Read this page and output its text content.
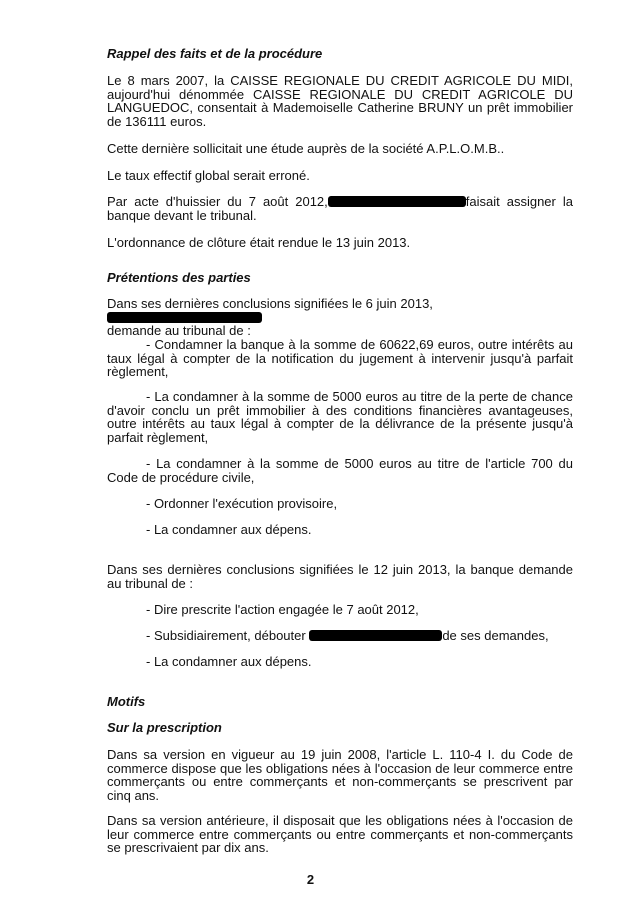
Rappel des faits et de la procédure

Le 8 mars 2007, la CAISSE REGIONALE DU CREDIT AGRICOLE DU MIDI, aujourd'hui dénommée CAISSE REGIONALE DU CREDIT AGRICOLE DU LANGUEDOC, consentait à Mademoiselle Catherine BRUNY un prêt immobilier de 136111 euros.

Cette dernière sollicitait une étude auprès de la société A.P.L.O.M.B..

Le taux effectif global serait erroné.

Par acte d'huissier du 7 août 2012,	faisait assigner la banque devant le tribunal.

L'ordonnance de clôture était rendue le 13 juin 2013.

Prétentions des parties

Dans ses dernières conclusions signifiées le 6 juin 2013,
demande au tribunal de :

- Condamner la banque à la somme de 60622,69 euros, outre intérêts au taux légal à compter de la notification du jugement à intervenir jusqu'à parfait règlement,

- La condamner à la somme de 5000 euros au titre de la perte de chance d'avoir conclu un prêt immobilier à des conditions financières avantageuses, outre intérêts au taux légal à compter de la délivrance de la présente jusqu'à parfait règlement,

- La condamner à la somme de 5000 euros au titre de l'article 700 du Code de procédure civile,

- Ordonner l'exécution provisoire,

- La condamner aux dépens.

Dans ses dernières conclusions signifiées le 12 juin 2013, la banque demande au tribunal de :

- Dire prescrite l'action engagée le 7 août 2012,

- Subsidiairement, débouter	de ses demandes,

- La condamner aux dépens.

Motifs

Sur la prescription

Dans sa version en vigueur au 19 juin 2008, l'article L. 110-4 I. du Code de commerce dispose que les obligations nées à l'occasion de leur commerce entre commerçants ou entre commerçants et non-commerçants se prescrivent par cinq ans.

Dans sa version antérieure, il disposait que les obligations nées à l'occasion de leur commerce entre commerçants ou entre commerçants et non-commerçants se prescrivaient par dix ans.

2
